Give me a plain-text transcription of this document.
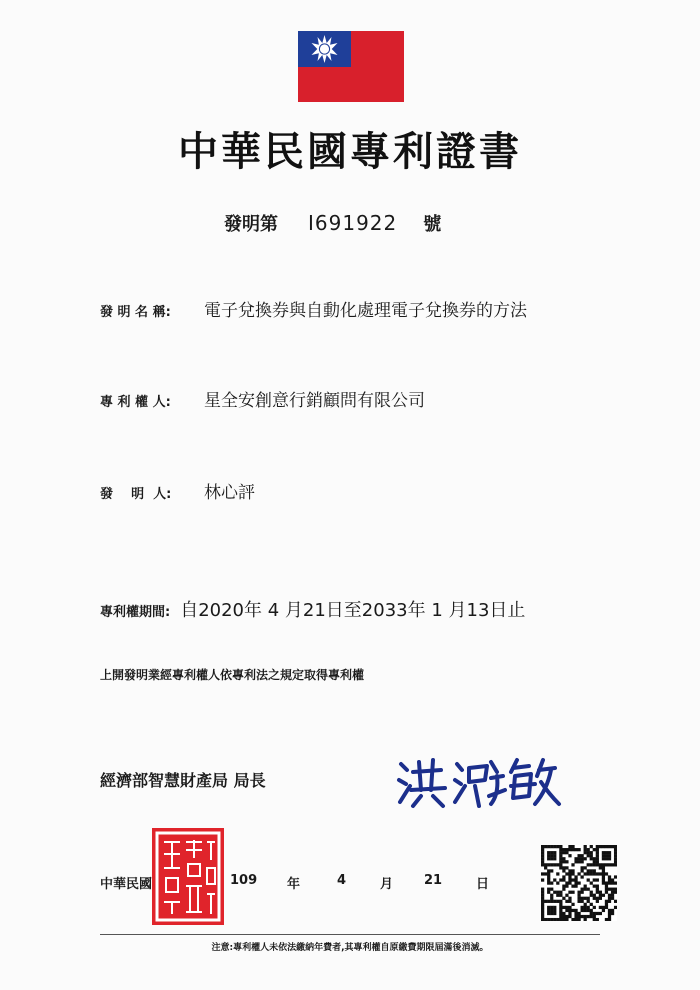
中華民國專利證書
發明第 I691922 號
發 明 名 稱: 電子兌換券與自動化處理電子兌換券的方法
專 利 權 人: 星全安創意行銷顧問有限公司
發    明  人: 林心評
專利權期間: 自2020年 4 月21日至2033年 1 月13日止
上開發明業經專利權人依專利法之規定取得專利權
經濟部智慧財產局 局長
中華民國	109 年	4	月 21	日
注意:專利權人未依法繳納年費者,其專利權自原繳費期限屆滿後消滅。
